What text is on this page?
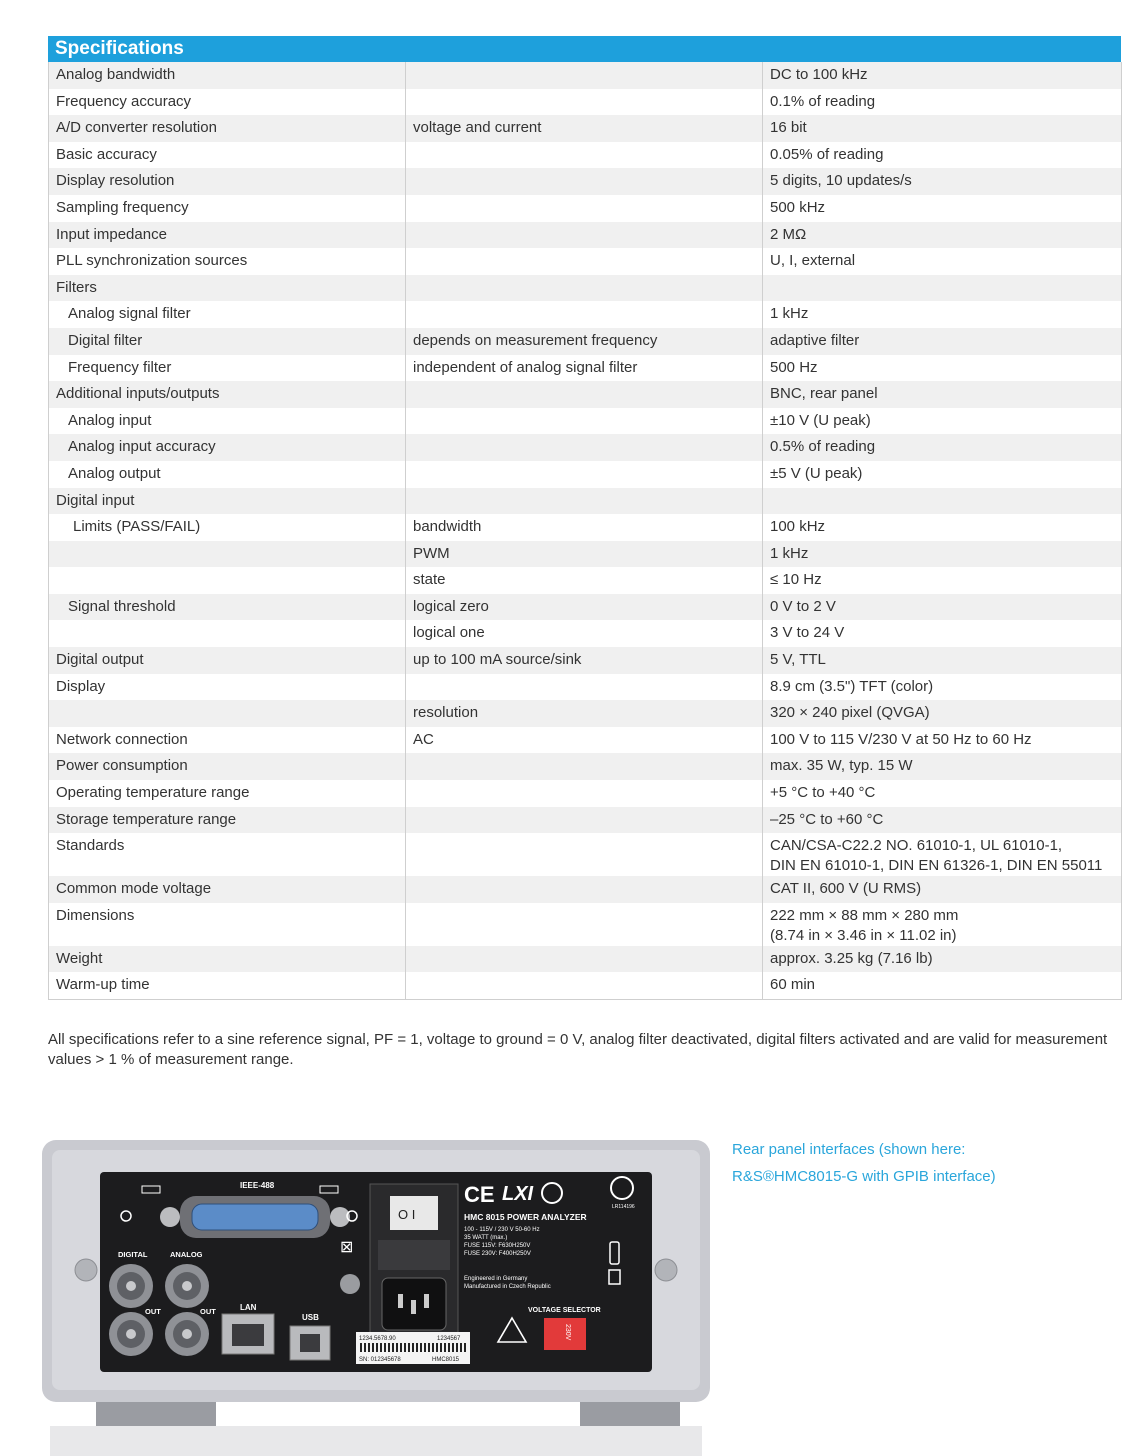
Specifications
Analog bandwidth		DC to 100 kHz

Frequency accuracy		0.1% of reading

A/D converter resolution	voltage and current	16 bit

Basic accuracy		0.05% of reading

Display resolution		5 digits, 10 updates/s

Sampling frequency		500 kHz

Input impedance		2 MΩ

PLL synchronization sources		U, I, external

Filters		

Analog signal filter		1 kHz

Digital filter	depends on measurement frequency	adaptive filter

Frequency filter	independent of analog signal filter	500 Hz

Additional inputs/outputs		BNC, rear panel

Analog input		±10 V (U peak)

Analog input accuracy		0.5% of reading

Analog output		±5 V (U peak)

Digital input		

Limits (PASS/FAIL)	bandwidth	100 kHz

	PWM	1 kHz

	state	≤ 10 Hz

Signal threshold	logical zero	0 V to 2 V

	logical one	3 V to 24 V

Digital output	up to 100 mA source/sink	5 V, TTL

Display		8.9 cm (3.5") TFT (color)

	resolution	320 × 240 pixel (QVGA)

Network connection	AC	100 V to 115 V/230 V at 50 Hz to 60 Hz

Power consumption		max. 35 W, typ. 15 W

Operating temperature range		+5 °C to +40 °C

Storage temperature range		–25 °C to +60 °C

Standards		CAN/CSA-C22.2 NO. 61010-1, UL 61010-1,
DIN EN 61010-1, DIN EN 61326-1, DIN EN 55011

Common mode voltage		CAT II, 600 V (U RMS)

Dimensions		222 mm × 88 mm × 280 mm
(8.74 in × 3.46 in × 11.02 in)

Weight		approx. 3.25 kg (7.16 lb)

Warm-up time		60 min
All specifications refer to a sine reference signal, PF = 1, voltage to ground = 0 V, analog filter deactivated, digital filters activated and are valid for measurement values > 1 % of measurement range.
Rear panel interfaces (shown here:
R&S®HMC8015-G with GPIB interface)
IEEE-488
DIGITAL	ANALOG
OUT	OUT	LAN
USB
⊠
O I
CE LXI
LR114196
HMC 8015 POWER ANALYZER
100 - 115V / 230 V 50-60 Hz
35 WATT (max.)
FUSE 115V: F630H250V
FUSE 230V: F400H250V
Engineered in Germany
Manufactured in Czech Republic
VOLTAGE SELECTOR
230V
1234.5678.90	1234567
SN: 012345678	HMC8015
